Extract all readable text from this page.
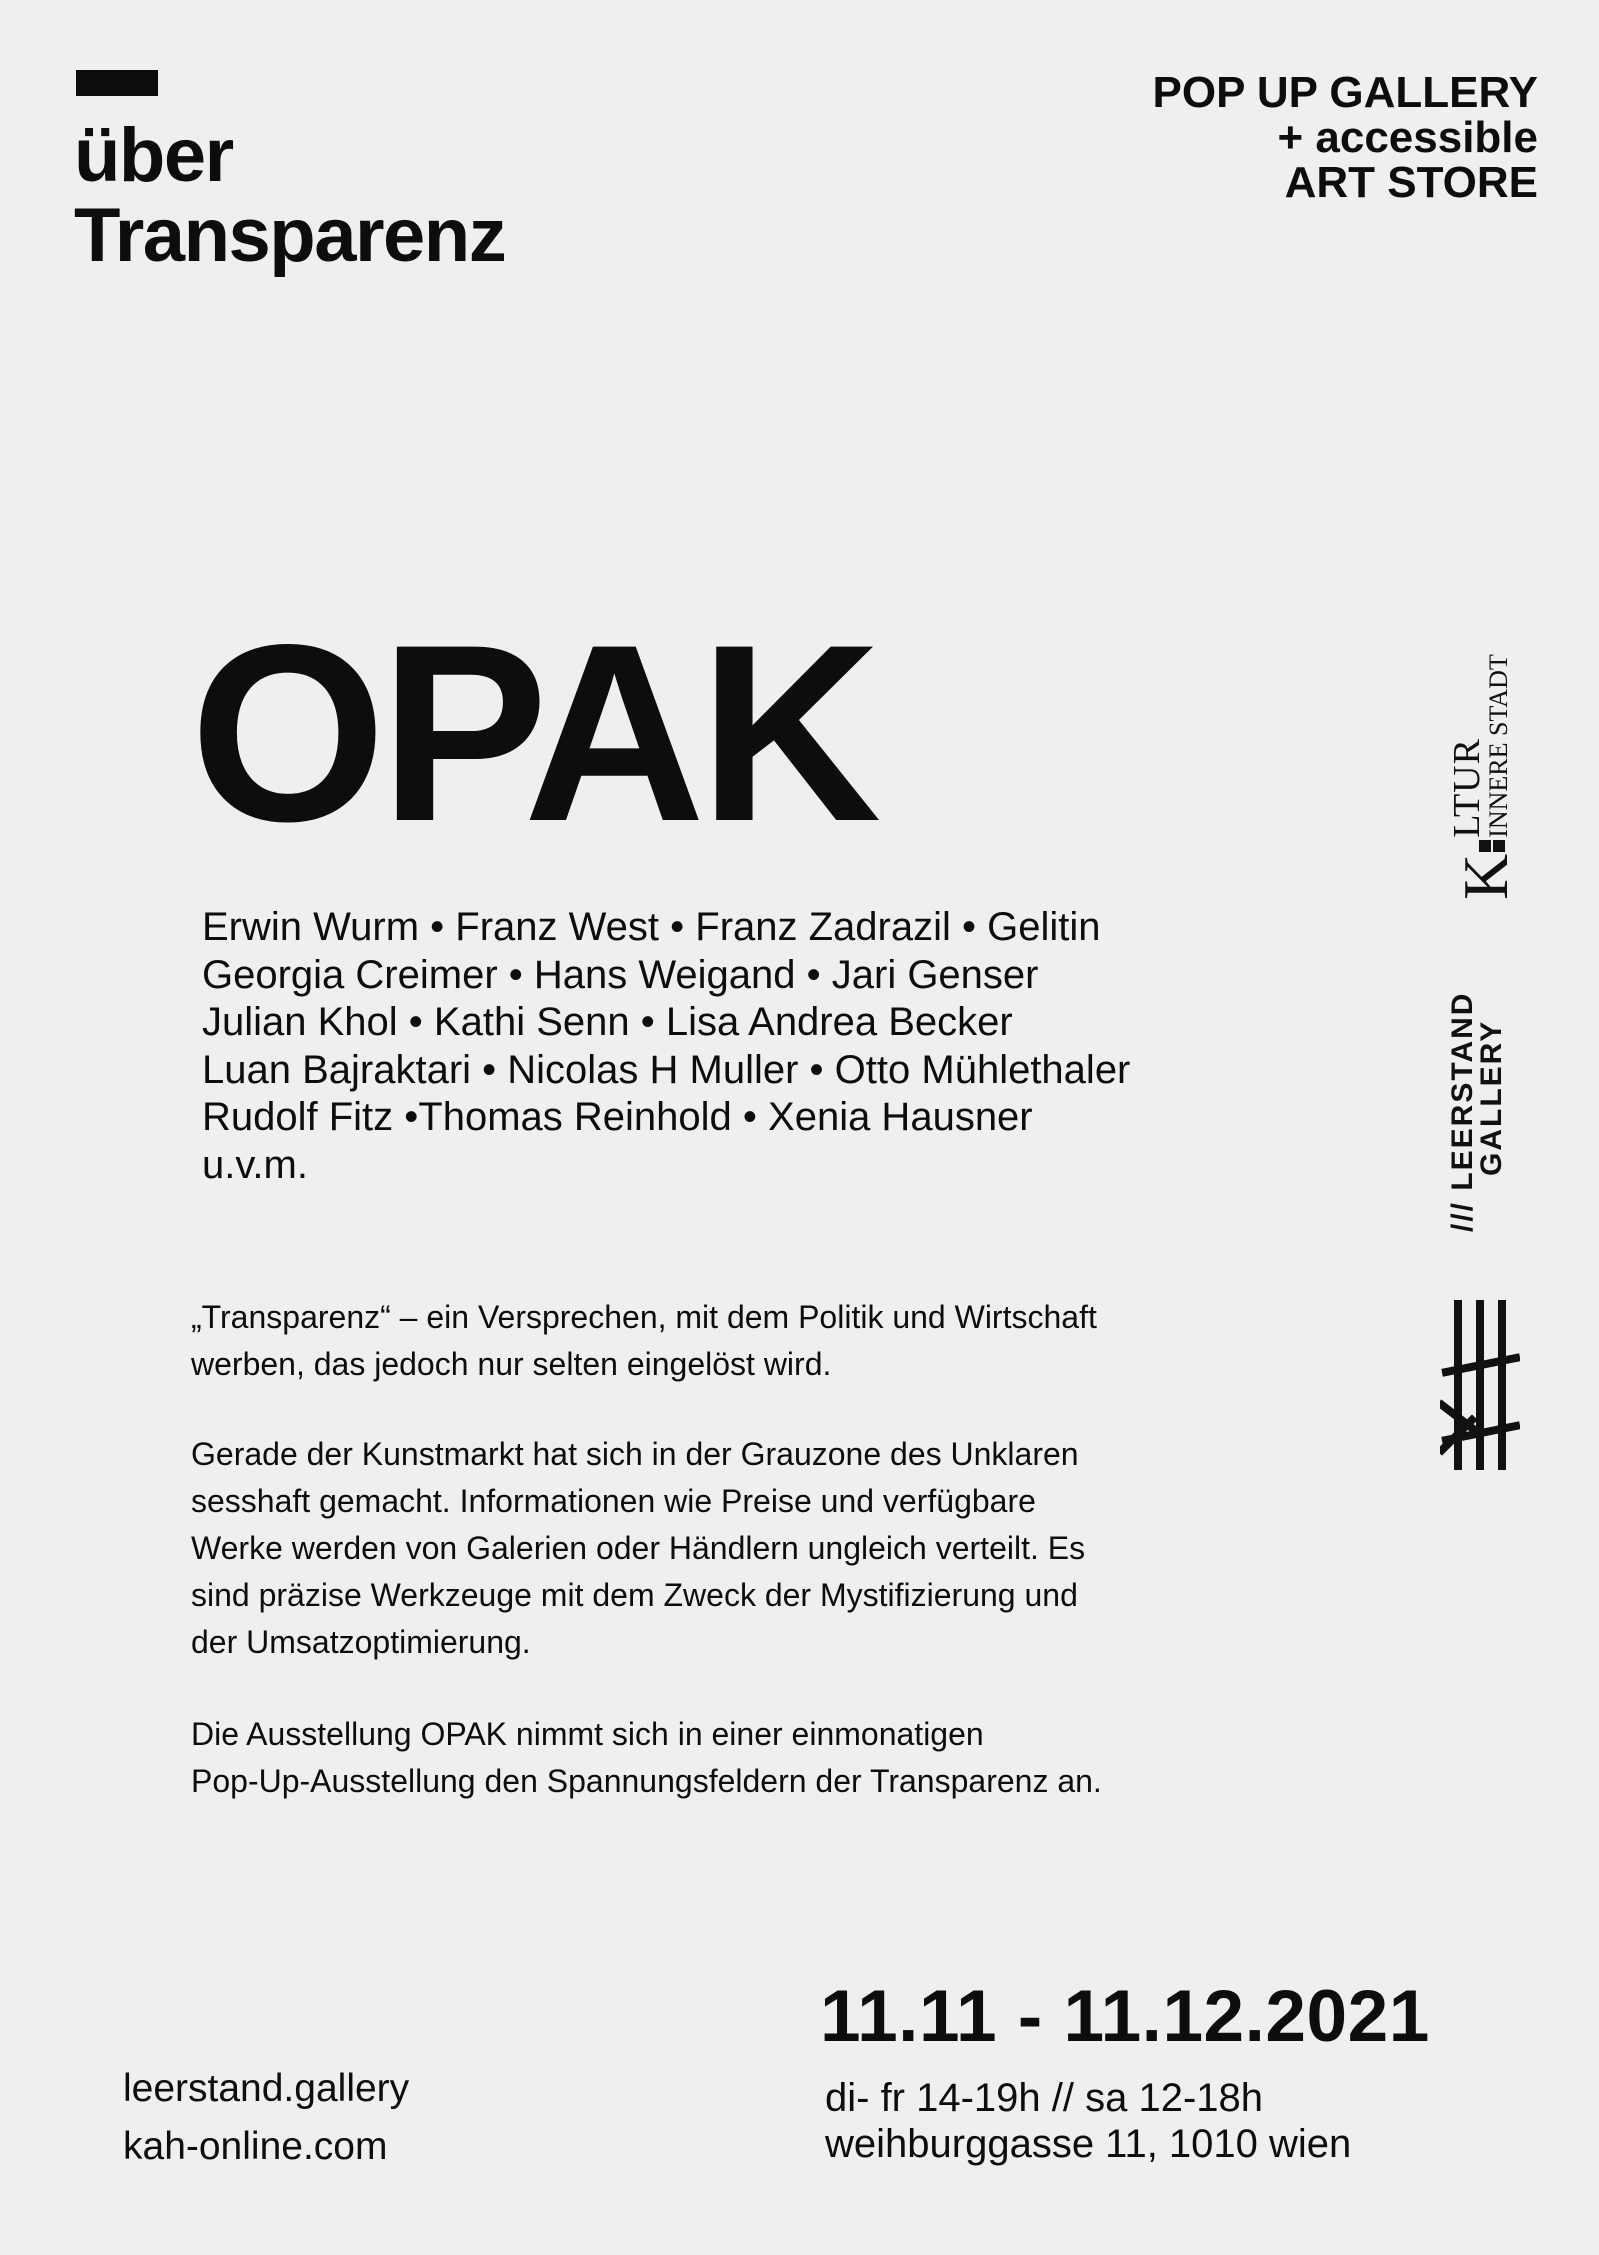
über
Transparenz
POP UP GALLERY
+ accessible
ART STORE
OPAK
Erwin Wurm • Franz West • Franz Zadrazil • Gelitin
Georgia Creimer • Hans Weigand • Jari Genser
Julian Khol • Kathi Senn • Lisa Andrea Becker
Luan Bajraktari • Nicolas H Muller • Otto Mühlethaler
Rudolf Fitz •Thomas Reinhold • Xenia Hausner
u.v.m.
„Transparenz“ – ein Versprechen, mit dem Politik und Wirtschaft
werben, das jedoch nur selten eingelöst wird.
Gerade der Kunstmarkt hat sich in der Grauzone des Unklaren
sesshaft gemacht. Informationen wie Preise und verfügbare
Werke werden von Galerien oder Händlern ungleich verteilt. Es
sind präzise Werkzeuge mit dem Zweck der Mystifizierung und
der Umsatzoptimierung.
Die Ausstellung OPAK nimmt sich in einer einmonatigen
Pop-Up-Ausstellung den Spannungsfeldern der Transparenz an.
K
LTUR
INNERE STADT
/// LEERSTAND
GALLERY
leerstand.gallery
kah-online.com
11.11 - 11.12.2021
di- fr 14-19h // sa 12-18h
weihburggasse 11, 1010 wien
